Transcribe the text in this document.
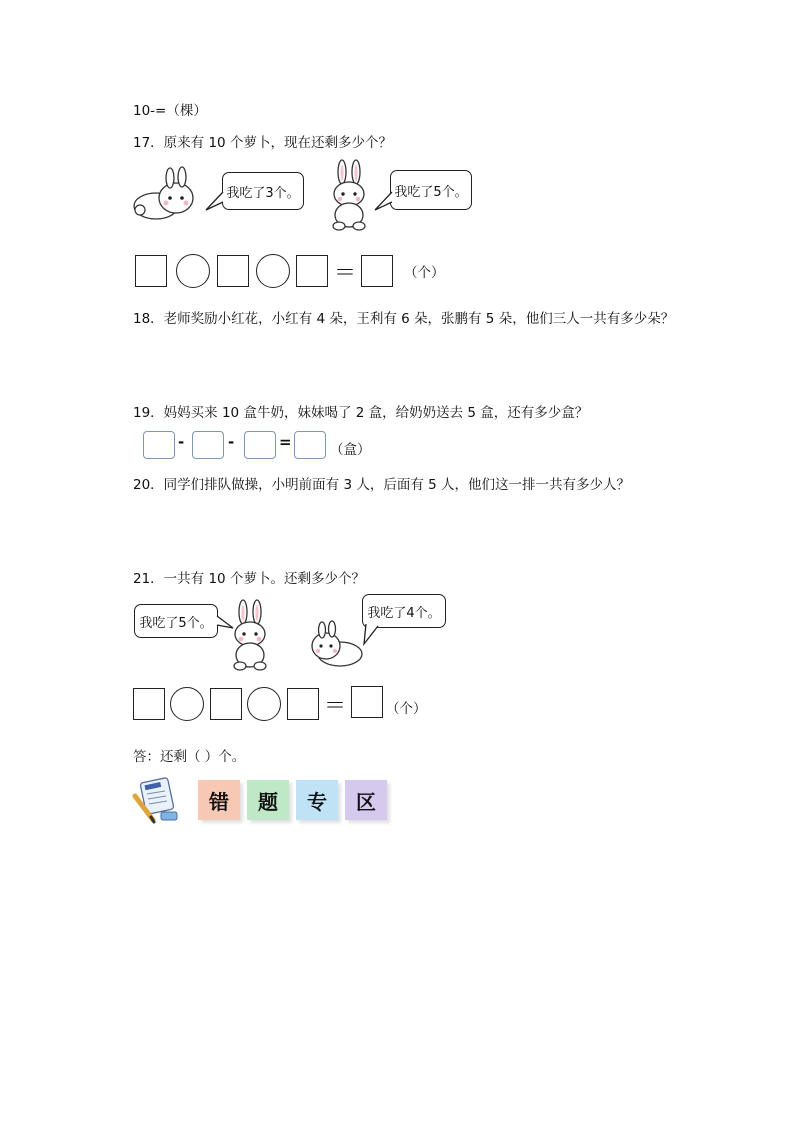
10-=（棵）
17．原来有 10 个萝卜，现在还剩多少个？
我吃了3个。	我吃了5个。
＝	（个）
18．老师奖励小红花，小红有 4 朵，王利有 6 朵，张鹏有 5 朵，他们三人一共有多少朵？
19．妈妈买来 10 盒牛奶，妹妹喝了 2 盒，给奶奶送去 5 盒，还有多少盒？
-	-	=	（盒）
20．同学们排队做操，小明前面有 3 人，后面有 5 人，他们这一排一共有多少人？
21．一共有 10 个萝卜。还剩多少个？
我吃了5个。
我吃了4个。
＝	（个）
答：还剩（ ）个。
错	题	专	区
